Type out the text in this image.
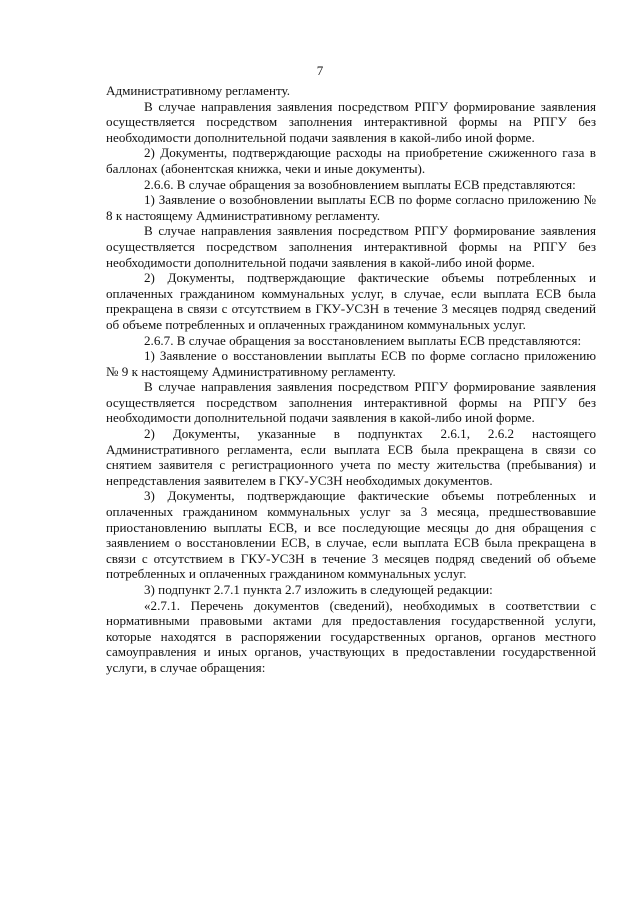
7

Административному регламенту.

В случае направления заявления посредством РПГУ формирование заявления осуществляется посредством заполнения интерактивной формы на РПГУ без необходимости дополнительной подачи заявления в какой-либо иной форме.

2) Документы, подтверждающие расходы на приобретение сжиженного газа в баллонах (абонентская книжка, чеки и иные документы).

2.6.6. В случае обращения за возобновлением выплаты ЕСВ представляются:

1) Заявление о возобновлении выплаты ЕСВ по форме согласно приложению № 8 к настоящему Административному регламенту.

В случае направления заявления посредством РПГУ формирование заявления осуществляется посредством заполнения интерактивной формы на РПГУ без необходимости дополнительной подачи заявления в какой-либо иной форме.

2) Документы, подтверждающие фактические объемы потребленных и оплаченных гражданином коммунальных услуг, в случае, если выплата ЕСВ была прекращена в связи с отсутствием в ГКУ-УСЗН в течение 3 месяцев подряд сведений об объеме потребленных и оплаченных гражданином коммунальных услуг.

2.6.7. В случае обращения за восстановлением выплаты ЕСВ представляются:

1) Заявление о восстановлении выплаты ЕСВ по форме согласно приложению № 9 к настоящему Административному регламенту.

В случае направления заявления посредством РПГУ формирование заявления осуществляется посредством заполнения интерактивной формы на РПГУ без необходимости дополнительной подачи заявления в какой-либо иной форме.

2) Документы, указанные в подпунктах 2.6.1, 2.6.2 настоящего Административного регламента, если выплата ЕСВ была прекращена в связи со снятием заявителя с регистрационного учета по месту жительства (пребывания) и непредставления заявителем в ГКУ-УСЗН необходимых документов.

3) Документы, подтверждающие фактические объемы потребленных и оплаченных гражданином коммунальных услуг за 3 месяца, предшествовавшие приостановлению выплаты ЕСВ, и все последующие месяцы до дня обращения с заявлением о восстановлении ЕСВ, в случае, если выплата ЕСВ была прекращена в связи с отсутствием в ГКУ-УСЗН в течение 3 месяцев подряд сведений об объеме потребленных и оплаченных гражданином коммунальных услуг.

3) подпункт 2.7.1 пункта 2.7 изложить в следующей редакции:

«2.7.1. Перечень документов (сведений), необходимых в соответствии с нормативными правовыми актами для предоставления государственной услуги, которые находятся в распоряжении государственных органов, органов местного самоуправления и иных органов, участвующих в предоставлении государственной услуги, в случае обращения:
